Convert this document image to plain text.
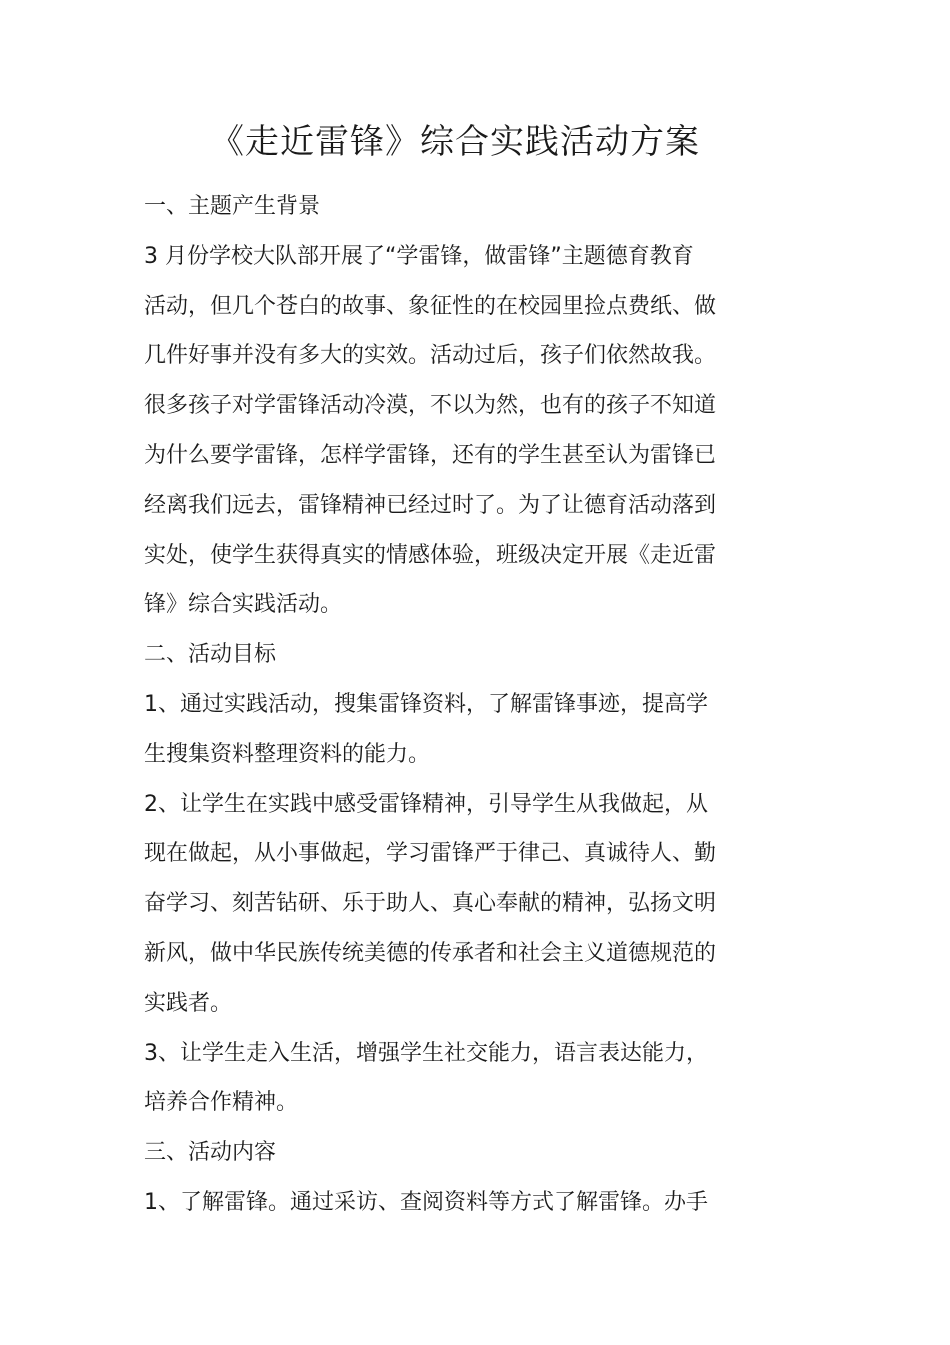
《走近雷锋》综合实践活动方案
一、主题产生背景
3 月份学校大队部开展了“学雷锋，做雷锋”主题德育教育
活动，但几个苍白的故事、象征性的在校园里捡点费纸、做
几件好事并没有多大的实效。活动过后，孩子们依然故我。
很多孩子对学雷锋活动冷漠，不以为然，也有的孩子不知道
为什么要学雷锋，怎样学雷锋，还有的学生甚至认为雷锋已
经离我们远去，雷锋精神已经过时了。为了让德育活动落到
实处，使学生获得真实的情感体验，班级决定开展《走近雷
锋》综合实践活动。
二、活动目标
1、通过实践活动，搜集雷锋资料，了解雷锋事迹，提高学
生搜集资料整理资料的能力。
2、让学生在实践中感受雷锋精神，引导学生从我做起，从
现在做起，从小事做起，学习雷锋严于律己、真诚待人、勤
奋学习、刻苦钻研、乐于助人、真心奉献的精神，弘扬文明
新风，做中华民族传统美德的传承者和社会主义道德规范的
实践者。
3、让学生走入生活，增强学生社交能力，语言表达能力，
培养合作精神。
三、活动内容
1、了解雷锋。通过采访、查阅资料等方式了解雷锋。办手
